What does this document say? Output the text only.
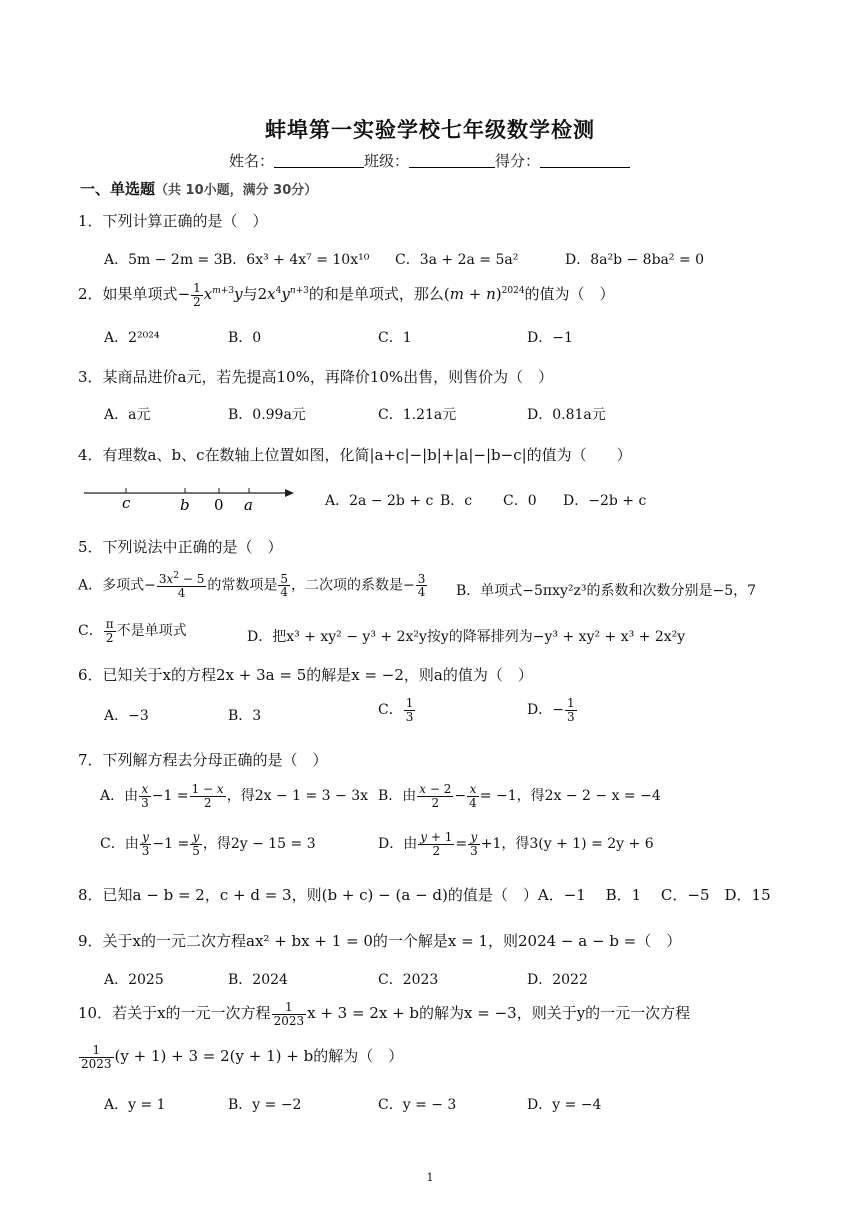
蚌埠第一实验学校七年级数学检测
姓名：	班级：	得分：
一、单选题（共 10小题，满分 30分）
1．下列计算正确的是（　）
A．5m − 2m = 3 B．6x³ + 4x⁷ = 10x¹⁰ C．3a + 2a = 5a²	D．8a²b − 8ba² = 0
2．如果单项式− $\frac{1}{2} x^{m+3}y$与$2x^4y^{n+3}$的和是单项式，那么$(m + n)^{2024}$的值为（　）
A．2²⁰²⁴	B．0	C．1	D．−1
3．某商品进价a元，若先提高10%，再降价10%出售，则售价为（　）
A．a元	B．0.99a元	C．1.21a元	D．0.81a元
4．有理数a、b、c在数轴上位置如图，化简|a+c|−|b|+|a|−|b−c|的值为（　　）
c	b 0 a	A．2a − 2b + c B．c C．0 D．−2b + c
5．下列说法中正确的是（　）
A．多项式− $\frac{3x^2 - 5}{4}$ 的常数项是 $\frac{5}{4}$ ，二次项的系数是− $\frac{3}{4}$ B．单项式−5πxy²z³的系数和次数分别是−5，7
C． $\frac{\pi}{2}$ 不是单项式	D．把x³ + xy² − y³ + 2x²y按y的降幂排列为−y³ + xy² + x³ + 2x²y
6．已知关于x的方程2x + 3a = 5的解是x = −2，则a的值为（　）
A．−3	B．3	C． $\frac{1}{3}$	D．− $\frac{1}{3}$
7．下列解方程去分母正确的是（　）
A．由 $\frac{x}{3} -1 = \frac{1 - x}{2}$ ，得2x − 1 = 3 − 3x B．由 $\frac{x - 2}{2} - \frac{x}{4} = -1$，得2x − 2 − x = −4
C．由 $\frac{y}{3} -1 = \frac{y}{5}$ ，得2y − 15 = 3	D．由 $\frac{y + 1}{2} = \frac{y}{3} +1$，得3(y + 1) = 2y + 6
8．已知a − b = 2，c + d = 3，则(b + c) − (a − d)的值是（　）A．−1　 B．1　 C．−5　D．15
9．关于x的一元二次方程ax² + bx + 1 = 0的一个解是x = 1，则2024 − a − b =（　）
A．2025	B．2024	C．2023	D．2022
10．若关于x的一元一次方程 $\frac{1}{2023}$ x + 3 = 2x + b的解为x = −3，则关于y的一元一次方程
$\frac{1}{2023} (y + 1) + 3 = 2(y + 1) + b$的解为（　）
A．y = 1	B．y = −2	C．y = − 3	D．y = −4
1
